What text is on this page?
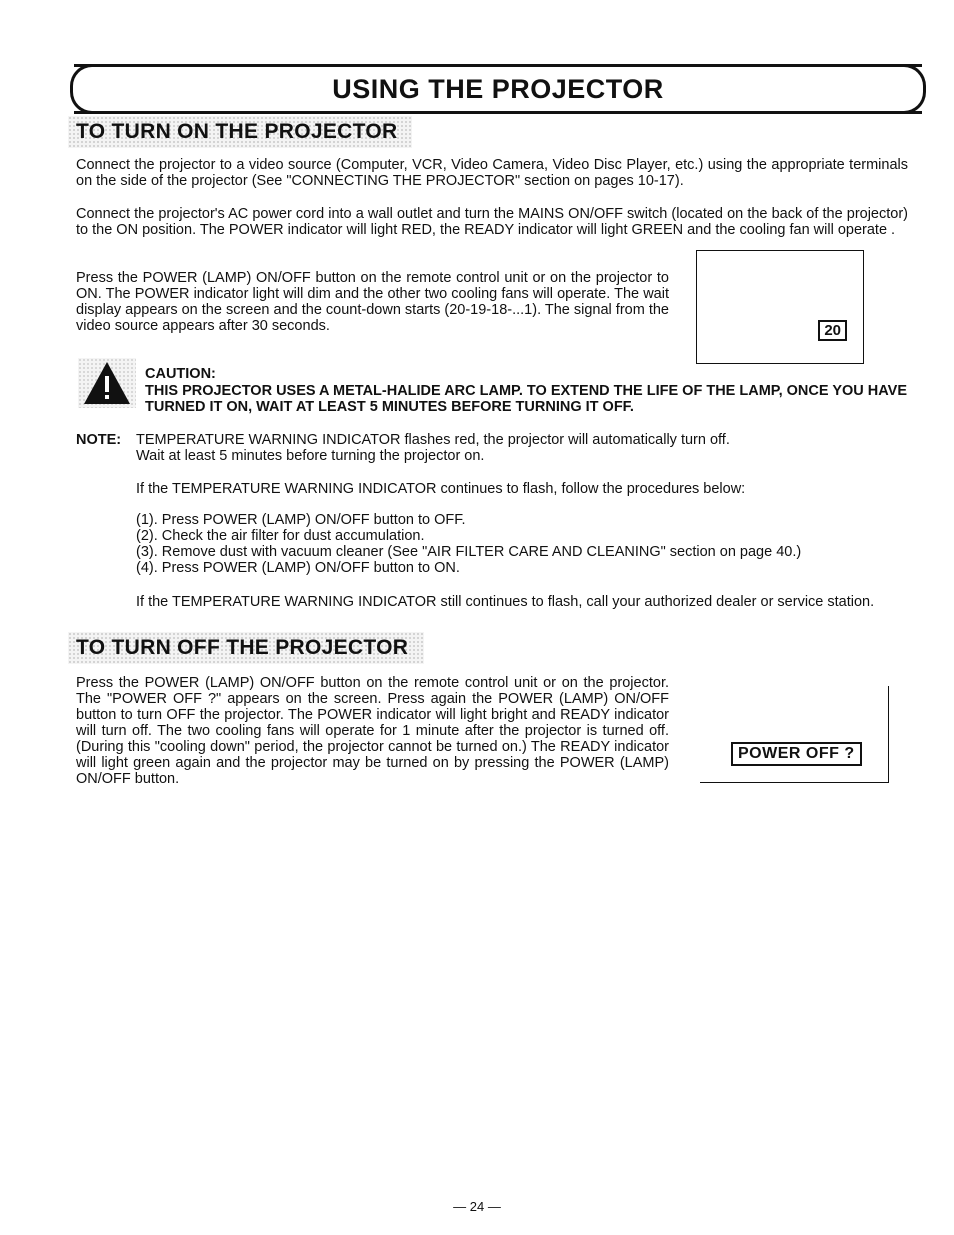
USING THE PROJECTOR
TO TURN ON THE PROJECTOR

Connect the projector to a video source (Computer, VCR, Video Camera, Video Disc Player, etc.) using the appropriate terminals on the side of the projector (See "CONNECTING THE PROJECTOR" section on pages 10-17).

Connect the projector's AC power cord into a wall outlet and turn the MAINS ON/OFF switch (located on the back of the projector) to the ON position. The POWER indicator will light RED, the READY indicator will light GREEN and the cooling fan will operate .

Press the POWER (LAMP) ON/OFF button on the remote control unit or on the projector to ON. The POWER indicator light will dim and the other two cooling fans will operate. The wait display appears on the screen and the count-down starts (20-19-18-...1). The signal from the video source appears after 30 seconds.	20
CAUTION:

THIS PROJECTOR USES A METAL-HALIDE ARC LAMP. TO EXTEND THE LIFE OF THE LAMP, ONCE YOU HAVE TURNED IT ON, WAIT AT LEAST 5 MINUTES BEFORE TURNING IT OFF.

NOTE: TEMPERATURE WARNING INDICATOR flashes red, the projector will automatically turn off.

Wait at least 5 minutes before turning the projector on.

If the TEMPERATURE WARNING INDICATOR continues to flash, follow the procedures below:

(1). Press POWER (LAMP) ON/OFF button to OFF.
(2). Check the air filter for dust accumulation.
(3). Remove dust with vacuum cleaner (See "AIR FILTER CARE AND CLEANING" section on page 40.)
(4). Press POWER (LAMP) ON/OFF button to ON.

If the TEMPERATURE WARNING INDICATOR still continues to flash, call your authorized dealer or service station.

TO TURN OFF THE PROJECTOR

Press the POWER (LAMP) ON/OFF button on the remote control unit or on the projector. The "POWER OFF ?" appears on the screen. Press again the POWER (LAMP) ON/OFF button to turn OFF the projector. The POWER indicator will light bright and READY indicator will turn off. The two cooling fans will operate for 1 minute after the projector is turned off. (During this "cooling down" period, the projector cannot be turned on.) The READY indicator will light green again and the projector may be turned on by pressing the POWER (LAMP) ON/OFF button.

POWER OFF ?
— 24 —
